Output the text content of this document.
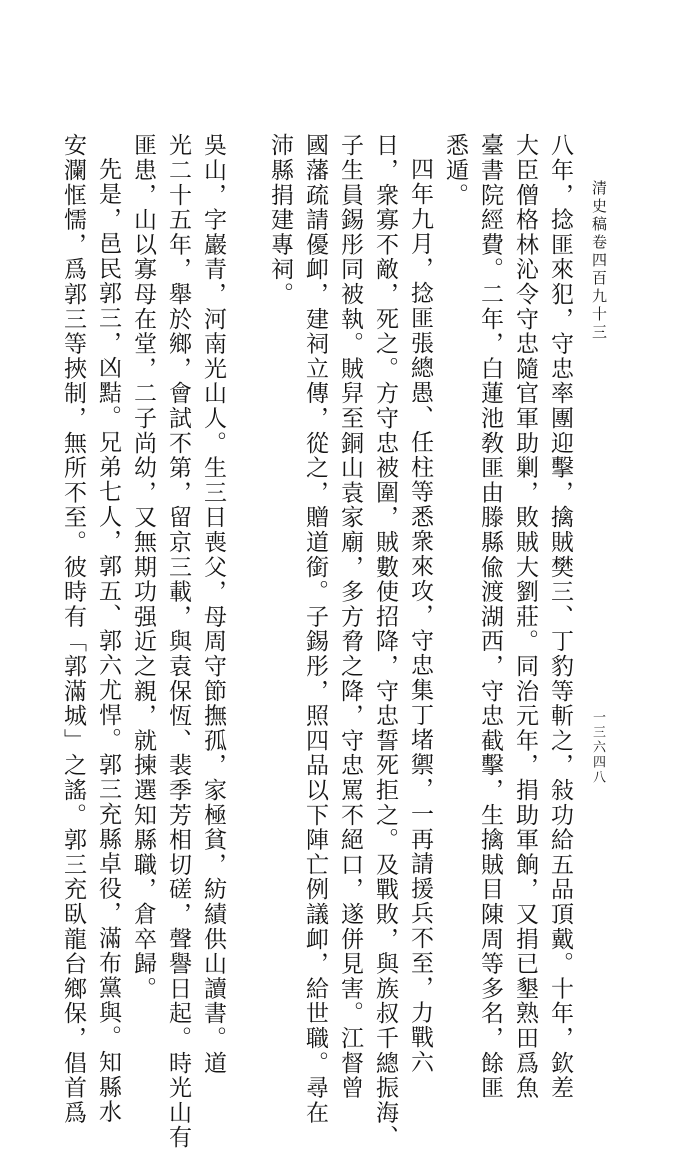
清史稿卷四百九十三
一三六四八
八年，捻匪來犯，守忠率團迎擊，擒賊樊三、丁豹等斬之，敍功給五品頂戴。十年，欽差
大臣僧格林沁令守忠隨官軍助剿，敗賊大劉莊。同治元年，捐助軍餉，又捐已墾熟田爲魚
臺書院經費。二年，白蓮池敎匪由滕縣偸渡湖西，守忠截擊，生擒賊目陳周等多名，餘匪
悉遁。
四年九月，捻匪張總愚、任柱等悉衆來攻，守忠集丁堵禦，一再請援兵不至，力戰六
日，衆寡不敵，死之。方守忠被圍，賊數使招降，守忠誓死拒之。及戰敗，與族叔千總振海、
子生員錫彤同被執。賊舁至銅山袁家廟，多方脅之降，守忠罵不絕口，遂併見害。江督曾
國藩疏請優卹，建祠立傳，從之，贈道銜。子錫彤，照四品以下陣亡例議卹，給世職。尋在
沛縣捐建專祠。
吳山，字巖青，河南光山人。生三日喪父，母周守節撫孤，家極貧，紡績供山讀書。道
光二十五年，舉於鄉，會試不第，留京三載，與袁保恆、裴季芳相切磋，聲譽日起。時光山有
匪患，山以寡母在堂，二子尚幼，又無期功强近之親，就揀選知縣職，倉卒歸。
先是，邑民郭三，凶黠。兄弟七人，郭五、郭六尤悍。郭三充縣卓役，滿布黨與。知縣水
安瀾恇懦，爲郭三等挾制，無所不至。彼時有「郭滿城」之謠。郭三充臥龍台鄉保，倡首爲
